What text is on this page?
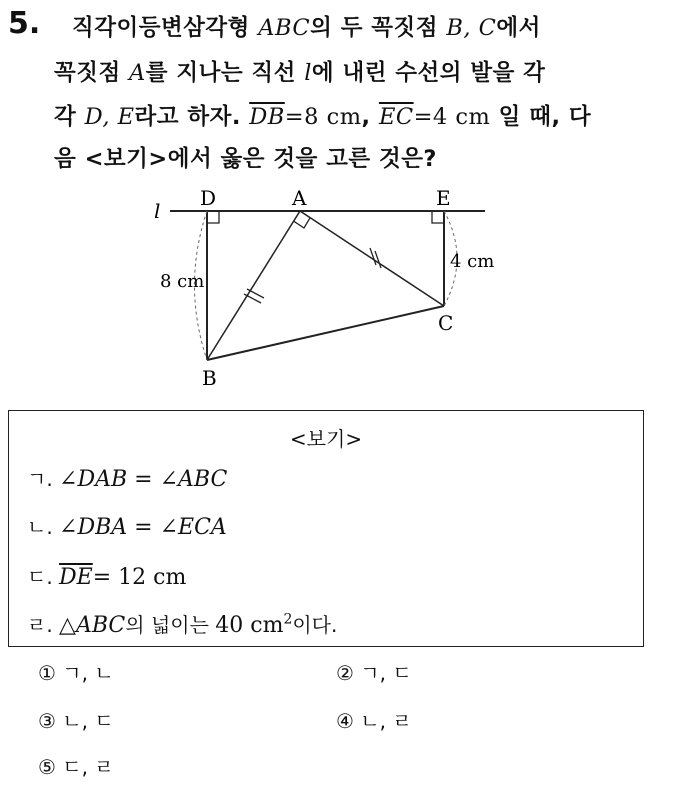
5. 직각이등변삼각형 ABC의 두 꼭짓점 B, C에서
꼭짓점 A를 지나는 직선 l에 내린 수선의 발을 각
각 D, E라고 하자. $\overline{DB}=8$ cm, $\overline{EC}=4$ cm 일 때, 다
음 <보기>에서 옳은 것을 고른 것은?
l
D	A	E
B
C
8 cm
4 cm
<보기>
ㄱ. ∠DAB = ∠ABC
ㄴ. ∠DBA = ∠ECA
ㄷ. $\overline{DE}= 12$ cm
ㄹ. △ABC의 넓이는 40 $cm^2$이다.
① ㄱ, ㄴ	② ㄱ, ㄷ
③ ㄴ, ㄷ	④ ㄴ, ㄹ
⑤ ㄷ, ㄹ
